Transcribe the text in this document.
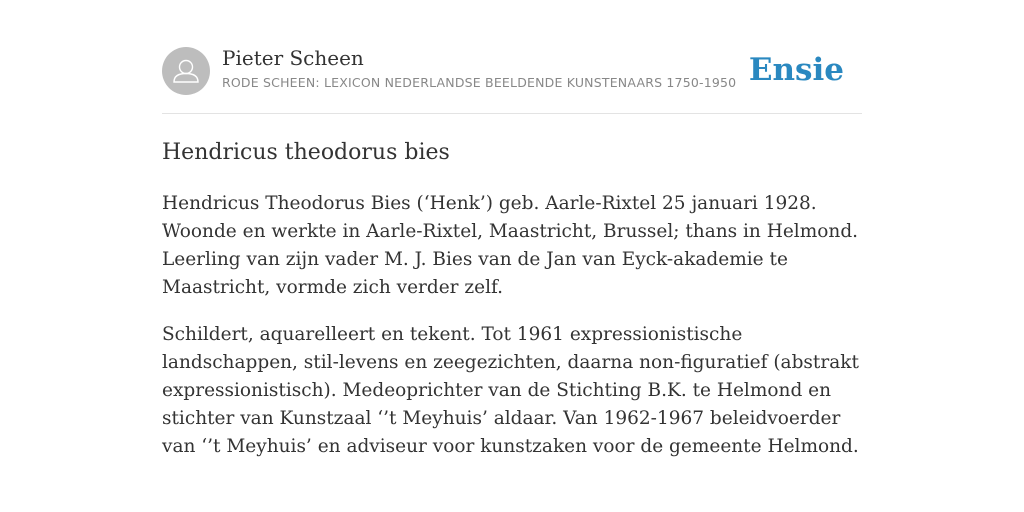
Pieter Scheen
RODE SCHEEN: LEXICON NEDERLANDSE BEELDENDE KUNSTENAARS 1750-1950 Ensie
Hendricus theodorus bies

Hendricus Theodorus Bies (‘Henk’) geb. Aarle-Rixtel 25 januari 1928. Woonde en werkte in Aarle-Rixtel, Maastricht, Brussel; thans in Helmond. Leerling van zijn vader M. J. Bies van de Jan van Eyck-akademie te Maastricht, vormde zich verder zelf.

Schildert, aquarelleert en tekent. Tot 1961 expressionistische landschappen, stil-levens en zeegezichten, daarna non-figuratief (abstrakt expressionistisch). Medeoprichter van de Stichting B.K. te Helmond en stichter van Kunstzaal ‘’t Meyhuis’ aldaar. Van 1962-1967 beleidvoerder van ‘’t Meyhuis’ en adviseur voor kunstzaken voor de gemeente Helmond.
